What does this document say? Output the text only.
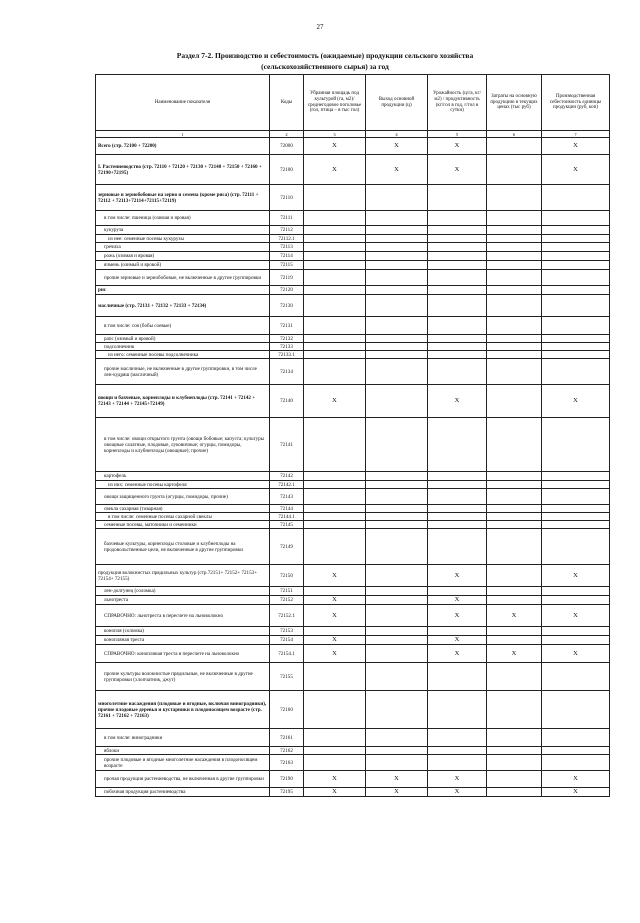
27
Раздел 7-2. Производство и себестоимость (ожидаемые) продукции сельского хозяйства
(сельскохозяйственного сырья) за год
Наименование показателя	Коды	Убранная площадь под культурой (га, м2)/ среднегодовое поголовье (гол, птица – в тыс гол)	Выход основной продукции (ц)	Урожайность (ц/га, кг/м2) / продуктивность (кг/гол в год, г/гол в сутки)	Затраты на основную продукцию в текущих ценах (тыс руб)	Производственная себестоимость единицы продукции (руб, коп)
1	2	3	4	5	6	7
Всего (стр. 72100 + 72200)	72000	X	X	X		X
I. Растениеводство (стр. 72110 + 72120 + 72130 + 72140 + 72150 + 72160 + 72190+72195)	72100	X	X	X		X
зерновые и зернобобовые на зерно и семена (кроме риса) (стр. 72111 + 72112 + 72113+72114+72115+72119)	72110					
в том числе: пшеница (озимая и яровая)	72111					
кукуруза	72112					
из нее: семенные посевы кукурузы	72112.1					
гречиха	72113					
рожь (озимая и яровая)	72114					
ячмень (озимый и яровой)	72115					
прочие зерновые и зернобобовые, не включенные в другие группировки	72119					
рис	72120					
масличные (стр. 72131 + 72132 + 72133 + 72134)	72130					
в том числе: соя (бобы соевые)	72131					
рапс (озимый и яровой)	72132					
подсолнечник	72133					
из него: семенные посевы подсолнечника	72133.1					
прочие масличные, не включенные в другие группировки, в том числе лен-кудряш (масличный)	72134					
овощи и бахчевые, корнеплоды и клубнеплоды (стр. 72141 + 72142 + 72143 + 72144 + 72145+72149)	72140	X		X		X
в том числе: овощи открытого грунта (овощи бобовые; капуста; культуры овощные салатные, плодовые, луковичные; огурцы, помидоры, корнеплоды и клубнеплоды (овощные); прочие)	72141					
картофель	72142					
из них: семенные посевы картофеля	72142.1					
овощи защищенного грунта (огурцы, помидоры, прочие)	72143					
свекла сахарная (товарная)	72144					
в том числе: семенные посевы сахарной свеклы	72144.1					
семенные посевы, маточники и семенники	72145					
бахчевые культуры, корнеплоды столовые и клубнеплоды на продовольственные цели, не включенные в другие группировки	72149					
продукция волокнистых прядильных культур (стр.72151+ 72152+ 72153+ 72154+ 72155)	72150	X		X		X
лен-долгунец (соломка)	72151					
льнотреста	72152	X		X		
СПРАВОЧНО: льнотреста в пересчете на льноволокно	72152.1	X		X	X	X
конопля (соломка)	72153					
конопляная треста	72154	X		X		
СПРАВОЧНО: конопляная треста в пересчете на льноволокно	72154.1	X		X	X	X
прочие культуры волокнистые прядильные, не включенные в другие группировки (хлопчатник, джут)	72155					
многолетние насаждения (плодовые и ягодные, включая виноградники), прочие плодовые деревья и кустарники в плодоносящем возрасте (стр. 72161 + 72162 + 72163)	72160					
в том числе: виноградники	72161					
яблоки	72162					
прочие плодовые и ягодные многолетние насаждения в плодоносящем возрасте	72163					
прочая продукция растениеводства, не включенная в другие группировки	72190	X	X	X		X
побочная продукция растениеводства	72195	X	X	X		X
